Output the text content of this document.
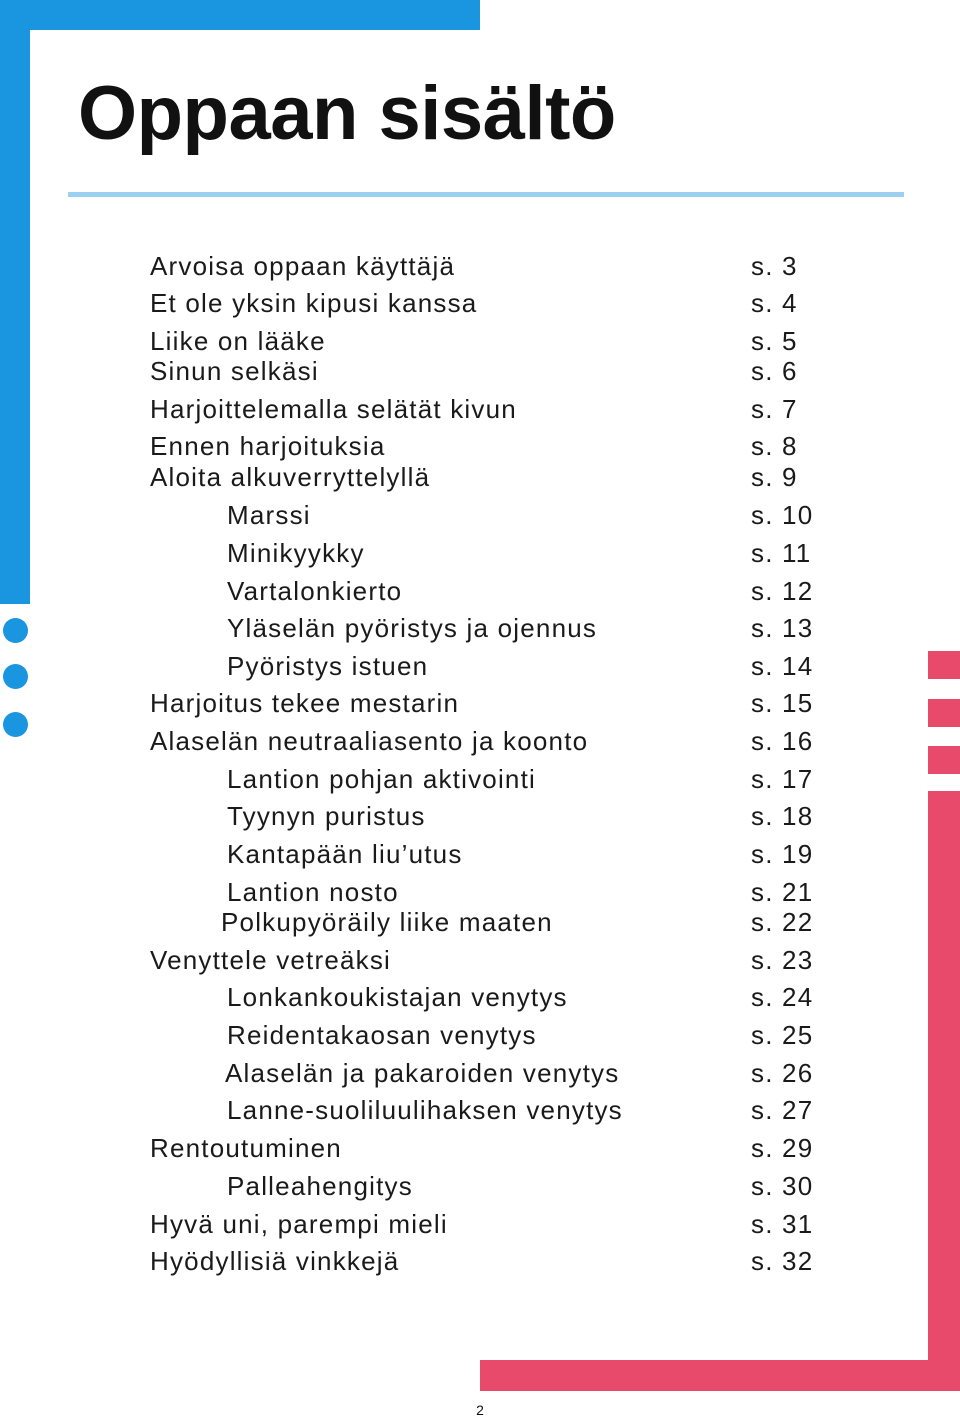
Oppaan sisältö
Arvoisa oppaan käyttäjä	s. 3
Et ole yksin kipusi kanssa	s. 4
Liike on lääke	s. 5
Sinun selkäsi	s. 6
Harjoittelemalla selätät kivun	s. 7
Ennen harjoituksia	s. 8
Aloita alkuverryttelyllä	s. 9
Marssi	s. 10
Minikyykky	s. 11
Vartalonkierto	s. 12
Yläselän pyöristys ja ojennus	s. 13
Pyöristys istuen	s. 14
Harjoitus tekee mestarin	s. 15
Alaselän neutraaliasento ja koonto	s. 16
Lantion pohjan aktivointi	s. 17
Tyynyn puristus	s. 18
Kantapään liu’utus	s. 19
Lantion nosto	s. 21
Polkupyöräily liike maaten	s. 22
Venyttele vetreäksi	s. 23
Lonkankoukistajan venytys	s. 24
Reidentakaosan venytys	s. 25
Alaselän ja pakaroiden venytys	s. 26
Lanne-suoliluulihaksen venytys	s. 27
Rentoutuminen	s. 29
Palleahengitys	s. 30
Hyvä uni, parempi mieli	s. 31
Hyödyllisiä vinkkejä	s. 32
2
